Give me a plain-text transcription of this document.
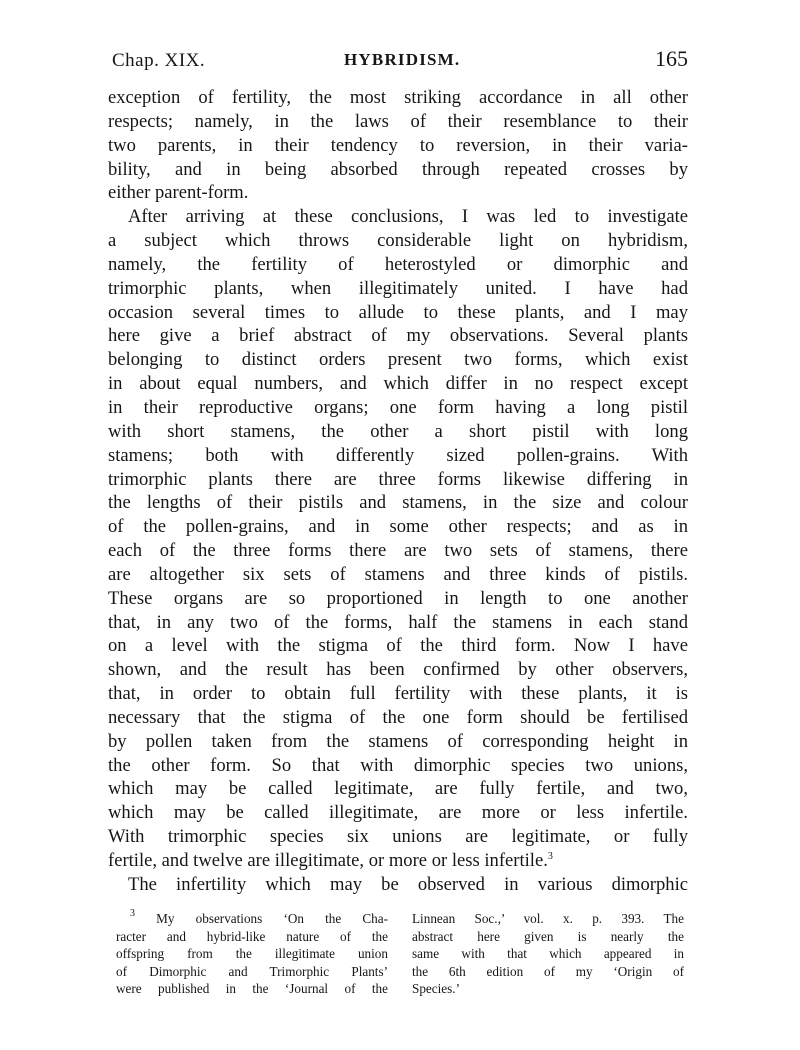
Chap. XIX.	HYBRIDISM.	165
exception of fertility, the most striking accordance in all other
respects; namely, in the laws of their resemblance to their
two parents, in their tendency to reversion, in their varia-
bility, and in being absorbed through repeated crosses by
either parent-form.
After arriving at these conclusions, I was led to investigate
a subject which throws considerable light on hybridism,
namely, the fertility of heterostyled or dimorphic and
trimorphic plants, when illegitimately united. I have had
occasion several times to allude to these plants, and I may
here give a brief abstract of my observations. Several plants
belonging to distinct orders present two forms, which exist
in about equal numbers, and which differ in no respect except
in their reproductive organs; one form having a long pistil
with short stamens, the other a short pistil with long
stamens; both with differently sized pollen-grains. With
trimorphic plants there are three forms likewise differing in
the lengths of their pistils and stamens, in the size and colour
of the pollen-grains, and in some other respects; and as in
each of the three forms there are two sets of stamens, there
are altogether six sets of stamens and three kinds of pistils.
These organs are so proportioned in length to one another
that, in any two of the forms, half the stamens in each stand
on a level with the stigma of the third form. Now I have
shown, and the result has been confirmed by other observers,
that, in order to obtain full fertility with these plants, it is
necessary that the stigma of the one form should be fertilised
by pollen taken from the stamens of corresponding height in
the other form. So that with dimorphic species two unions,
which may be called legitimate, are fully fertile, and two,
which may be called illegitimate, are more or less infertile.
With trimorphic species six unions are legitimate, or fully
fertile, and twelve are illegitimate, or more or less infertile.$^3$
The infertility which may be observed in various dimorphic
$^3$ My observations ‘On the Cha-
racter and hybrid-like nature of the
offspring from the illegitimate union
of Dimorphic and Trimorphic Plants’
were published in the ‘Journal of the
Linnean Soc.,’ vol. x. p. 393. The
abstract here given is nearly the
same with that which appeared in
the 6th edition of my ‘Origin of
Species.’
